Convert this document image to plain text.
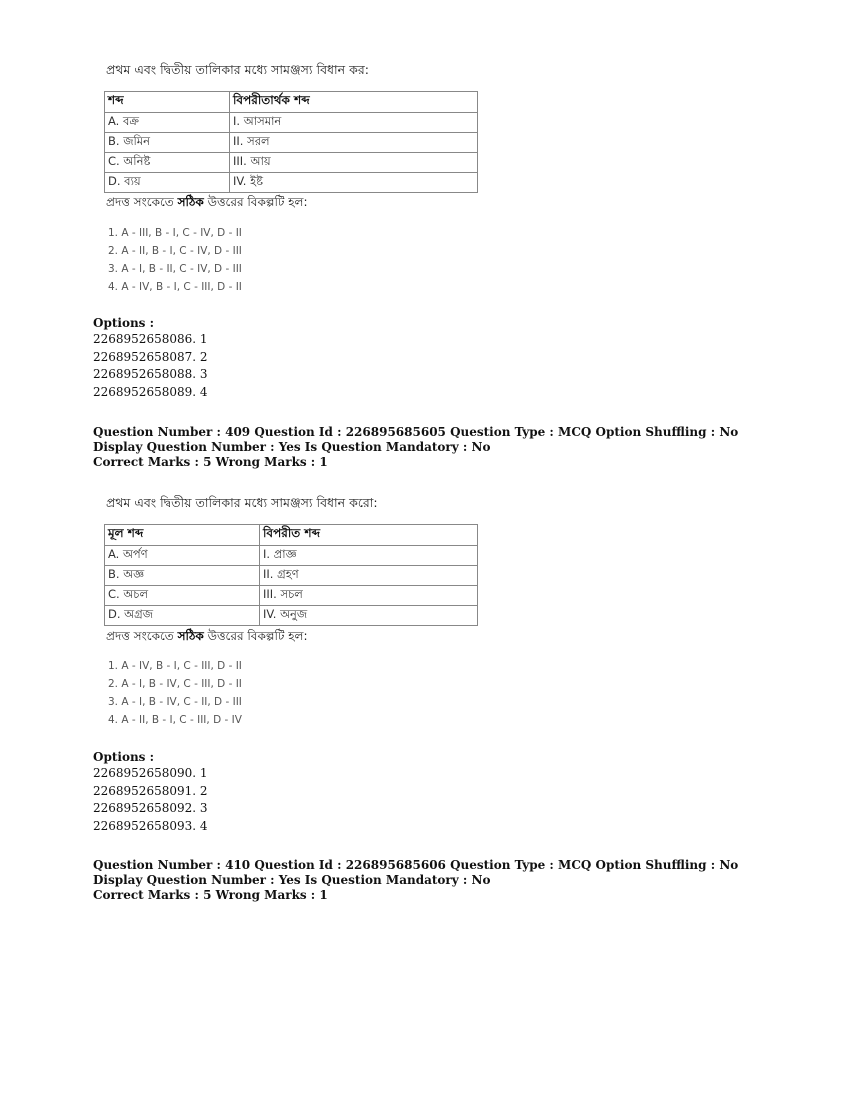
প্রথম এবং দ্বিতীয় তালিকার মধ্যে সামঞ্জস্য বিধান কর:
শব্দ	বিপরীতার্থক শব্দ
A. বক্র	I. আসমান
B. জমিন	II. সরল
C. অনিষ্ট	III. আয়
D. ব্যয়	IV. ইষ্ট
প্রদত্ত সংকেতে সঠিক উত্তরের বিকল্পটি হল:
1. A - III, B - I, C - IV, D - II
2. A - II, B - I, C - IV, D - III
3. A - I, B - II, C - IV, D - III
4. A - IV, B - I, C - III, D - II
Options :
2268952658086. 1
2268952658087. 2
2268952658088. 3
2268952658089. 4
Question Number : 409 Question Id : 226895685605 Question Type : MCQ Option Shuffling : No Display Question Number : Yes Is Question Mandatory : No
Correct Marks : 5 Wrong Marks : 1
প্রথম এবং দ্বিতীয় তালিকার মধ্যে সামঞ্জস্য বিধান করো:
মূল শব্দ	বিপরীত শব্দ
A. অর্পণ	I. প্রাজ্ঞ
B. অজ্ঞ	II. গ্রহণ
C. অচল	III. সচল
D. অগ্রজ	IV. অনুজ
প্রদত্ত সংকেতে সঠিক উত্তরের বিকল্পটি হল:
1. A - IV, B - I, C - III, D - II
2. A - I, B - IV, C - III, D - II
3. A - I, B - IV, C - II, D - III
4. A - II, B - I, C - III, D - IV
Options :
2268952658090. 1
2268952658091. 2
2268952658092. 3
2268952658093. 4
Question Number : 410 Question Id : 226895685606 Question Type : MCQ Option Shuffling : No Display Question Number : Yes Is Question Mandatory : No
Correct Marks : 5 Wrong Marks : 1
